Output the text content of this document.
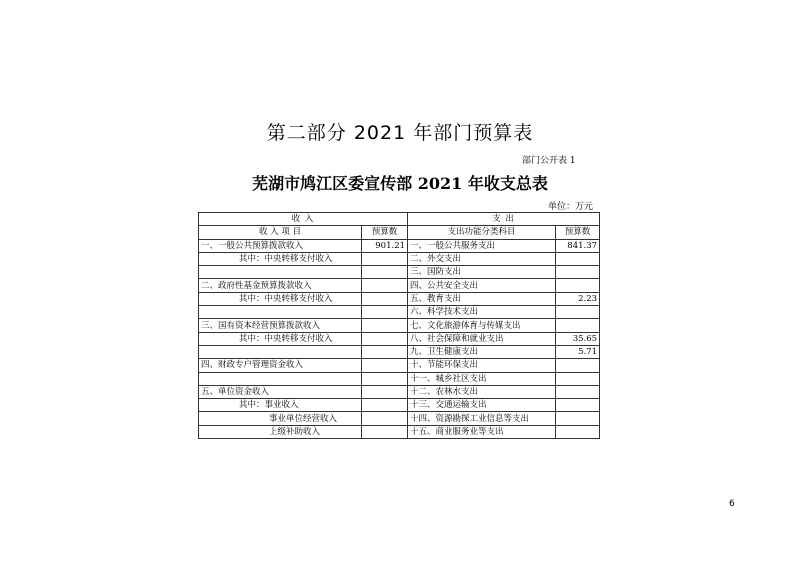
第二部分 2021 年部门预算表
部门公开表 1
芜湖市鸠江区委宣传部 2021 年收支总表
单位：万元
收 入		支 出	
收 入 项 目	预算数	支出功能分类科目	预算数
一、一般公共预算拨款收入	901.21	一、一般公共服务支出	841.37
其中：中央转移支付收入		二、外交支出	
		三、国防支出	
二、政府性基金预算拨款收入		四、公共安全支出	
其中：中央转移支付收入		五、教育支出	2.23
		六、科学技术支出	
三、国有资本经营预算拨款收入		七、文化旅游体育与传媒支出	
其中：中央转移支付收入		八、社会保障和就业支出	35.65
		九、卫生健康支出	5.71
四、财政专户管理资金收入		十、节能环保支出	
		十一、城乡社区支出	
五、单位资金收入		十二、农林水支出	
其中：事业收入		十三、交通运输支出	
事业单位经营收入		十四、资源勘探工业信息等支出	
上级补助收入		十五、商业服务业等支出	
6
